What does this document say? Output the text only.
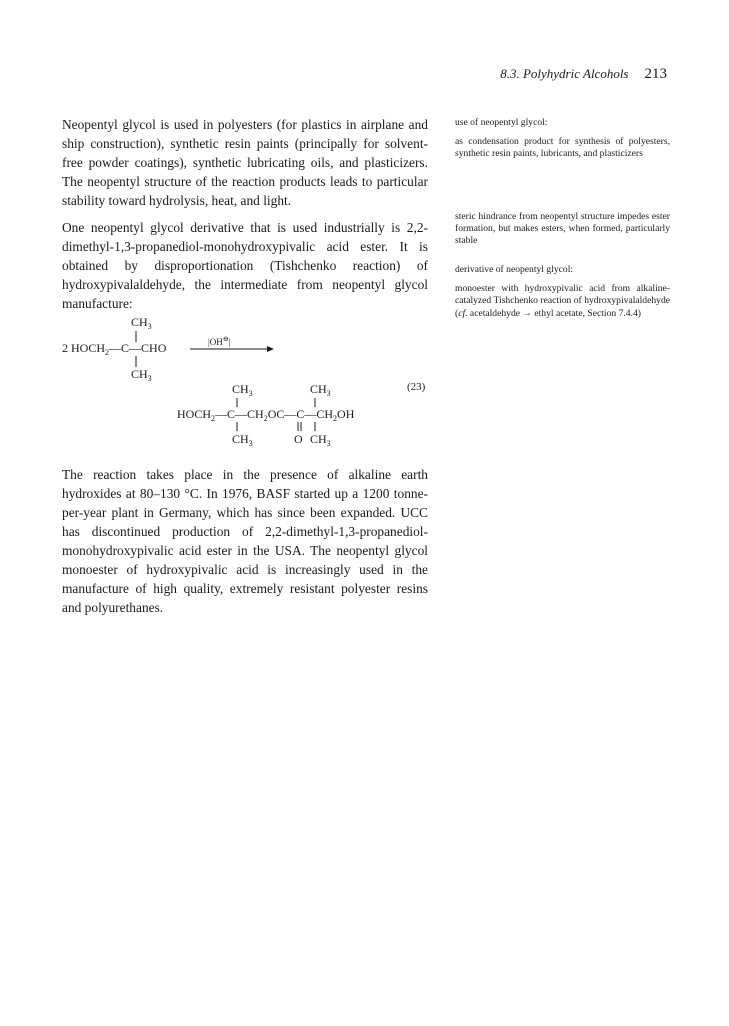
8.3. Polyhydric Alcohols 213

Neopentyl glycol is used in polyesters (for plastics in airplane and ship construction), synthetic resin paints (principally for solvent-free powder coatings), synthetic lubricating oils, and plasticizers. The neopentyl structure of the reaction products leads to particular stability toward hydrolysis, heat, and light.

One neopentyl glycol derivative that is used industrially is 2,2-dimethyl-1,3-propanediol-monohydroxypivalic acid ester. It is obtained by disproportionation (Tishchenko reaction) of hydroxypivalaldehyde, the intermediate from neopentyl glycol manufacture:

use of neopentyl glycol:

as condensation product for synthesis of polyesters, synthetic resin paints, lubricants, and plasticizers

steric hindrance from neopentyl structure impedes ester formation, but makes esters, when formed, particularly stable

derivative of neopentyl glycol:

monoester with hydroxypivalic acid from alkaline-catalyzed Tishchenko reaction of hydroxypivalaldehyde (cf. acetaldehyde → ethyl acetate, Section 7.4.4)

$CH_3$
2 $HOCH_2—C—CHO$
$CH_3$
|OH⊖|
$CH_3$	$CH_3$
(23)
$HOCH_2—C—CH_2OC—C—CH_2OH$
$CH_3$	O $CH_3$

The reaction takes place in the presence of alkaline earth hydroxides at 80–130 °C. In 1976, BASF started up a 1200 tonne-per-year plant in Germany, which has since been expanded. UCC has discontinued production of 2,2-dimethyl-1,3-propanediol-monohydroxypivalic acid ester in the USA. The neopentyl glycol monoester of hydroxypivalic acid is increasingly used in the manufacture of high quality, extremely resistant polyester resins and polyurethanes.
